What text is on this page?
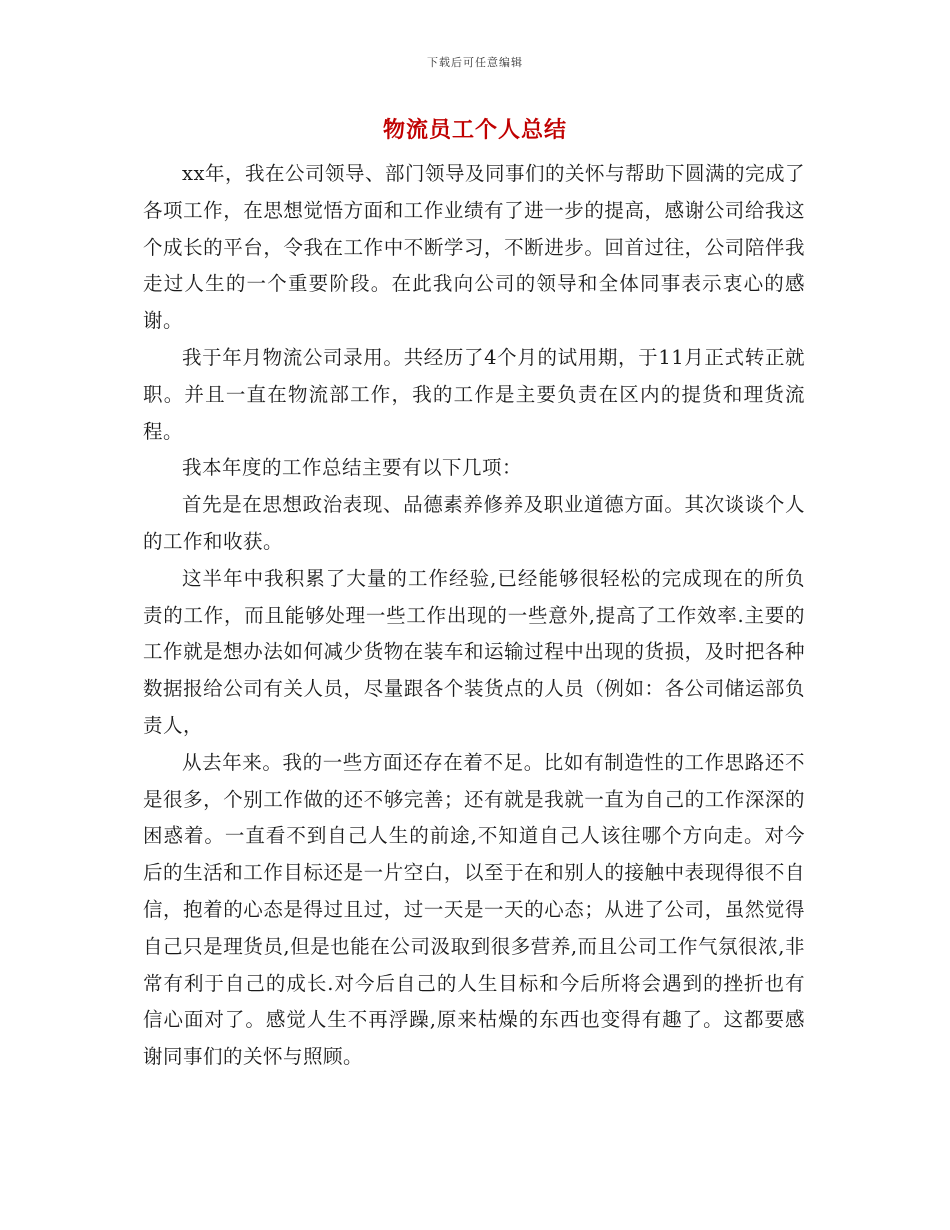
下载后可任意编辑
物流员工个人总结

xx年，我在公司领导、部门领导及同事们的关怀与帮助下圆满的完成了各项工作，在思想觉悟方面和工作业绩有了进一步的提高，感谢公司给我这个成长的平台，令我在工作中不断学习，不断进步。回首过往，公司陪伴我走过人生的一个重要阶段。在此我向公司的领导和全体同事表示衷心的感谢。

我于年月物流公司录用。共经历了4个月的试用期，于11月正式转正就职。并且一直在物流部工作，我的工作是主要负责在区内的提货和理货流程。

我本年度的工作总结主要有以下几项：

首先是在思想政治表现、品德素养修养及职业道德方面。其次谈谈个人的工作和收获。

这半年中我积累了大量的工作经验,已经能够很轻松的完成现在的所负责的工作，而且能够处理一些工作出现的一些意外,提高了工作效率.主要的工作就是想办法如何减少货物在装车和运输过程中出现的货损，及时把各种数据报给公司有关人员，尽量跟各个装货点的人员（例如：各公司储运部负责人，

从去年来。我的一些方面还存在着不足。比如有制造性的工作思路还不是很多，个别工作做的还不够完善；还有就是我就一直为自己的工作深深的困惑着。一直看不到自己人生的前途,不知道自己人该往哪个方向走。对今后的生活和工作目标还是一片空白，以至于在和别人的接触中表现得很不自信，抱着的心态是得过且过，过一天是一天的心态；从进了公司，虽然觉得自己只是理货员,但是也能在公司汲取到很多营养,而且公司工作气氛很浓,非常有利于自己的成长.对今后自己的人生目标和今后所将会遇到的挫折也有信心面对了。感觉人生不再浮躁,原来枯燥的东西也变得有趣了。这都要感谢同事们的关怀与照顾。
